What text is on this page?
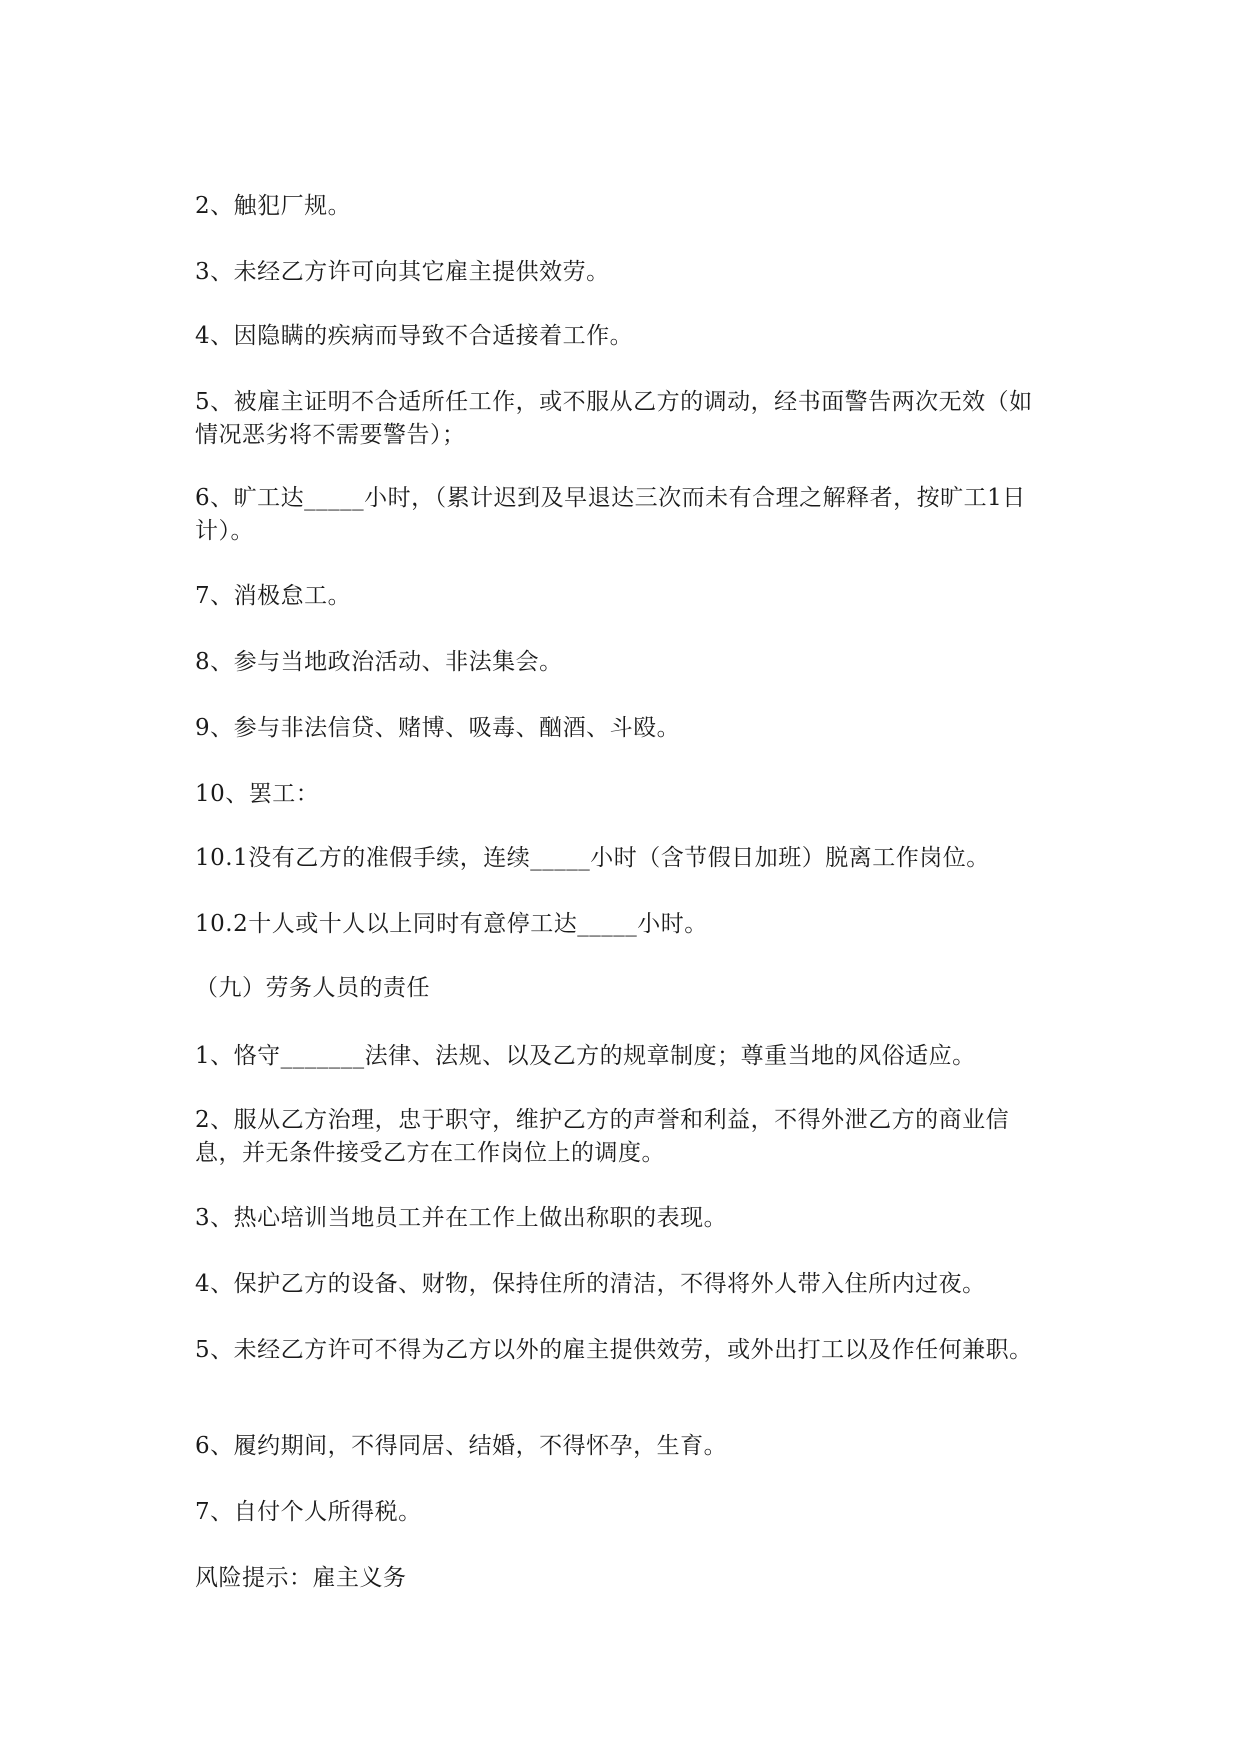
2、触犯厂规。

3、未经乙方许可向其它雇主提供效劳。

4、因隐瞒的疾病而导致不合适接着工作。

5、被雇主证明不合适所任工作，或不服从乙方的调动，经书面警告两次无效（如情况恶劣将不需要警告）；

6、旷工达_____小时，（累计迟到及早退达三次而未有合理之解释者，按旷工1日计）。

7、消极怠工。

8、参与当地政治活动、非法集会。

9、参与非法信贷、赌博、吸毒、酗酒、斗殴。

10、罢工：

10.1没有乙方的准假手续，连续_____小时（含节假日加班）脱离工作岗位。

10.2十人或十人以上同时有意停工达_____小时。

（九）劳务人员的责任

1、恪守_______法律、法规、以及乙方的规章制度；尊重当地的风俗适应。

2、服从乙方治理，忠于职守，维护乙方的声誉和利益，不得外泄乙方的商业信息，并无条件接受乙方在工作岗位上的调度。

3、热心培训当地员工并在工作上做出称职的表现。

4、保护乙方的设备、财物，保持住所的清洁，不得将外人带入住所内过夜。

5、未经乙方许可不得为乙方以外的雇主提供效劳，或外出打工以及作任何兼职。

6、履约期间，不得同居、结婚，不得怀孕，生育。

7、自付个人所得税。

风险提示：雇主义务
